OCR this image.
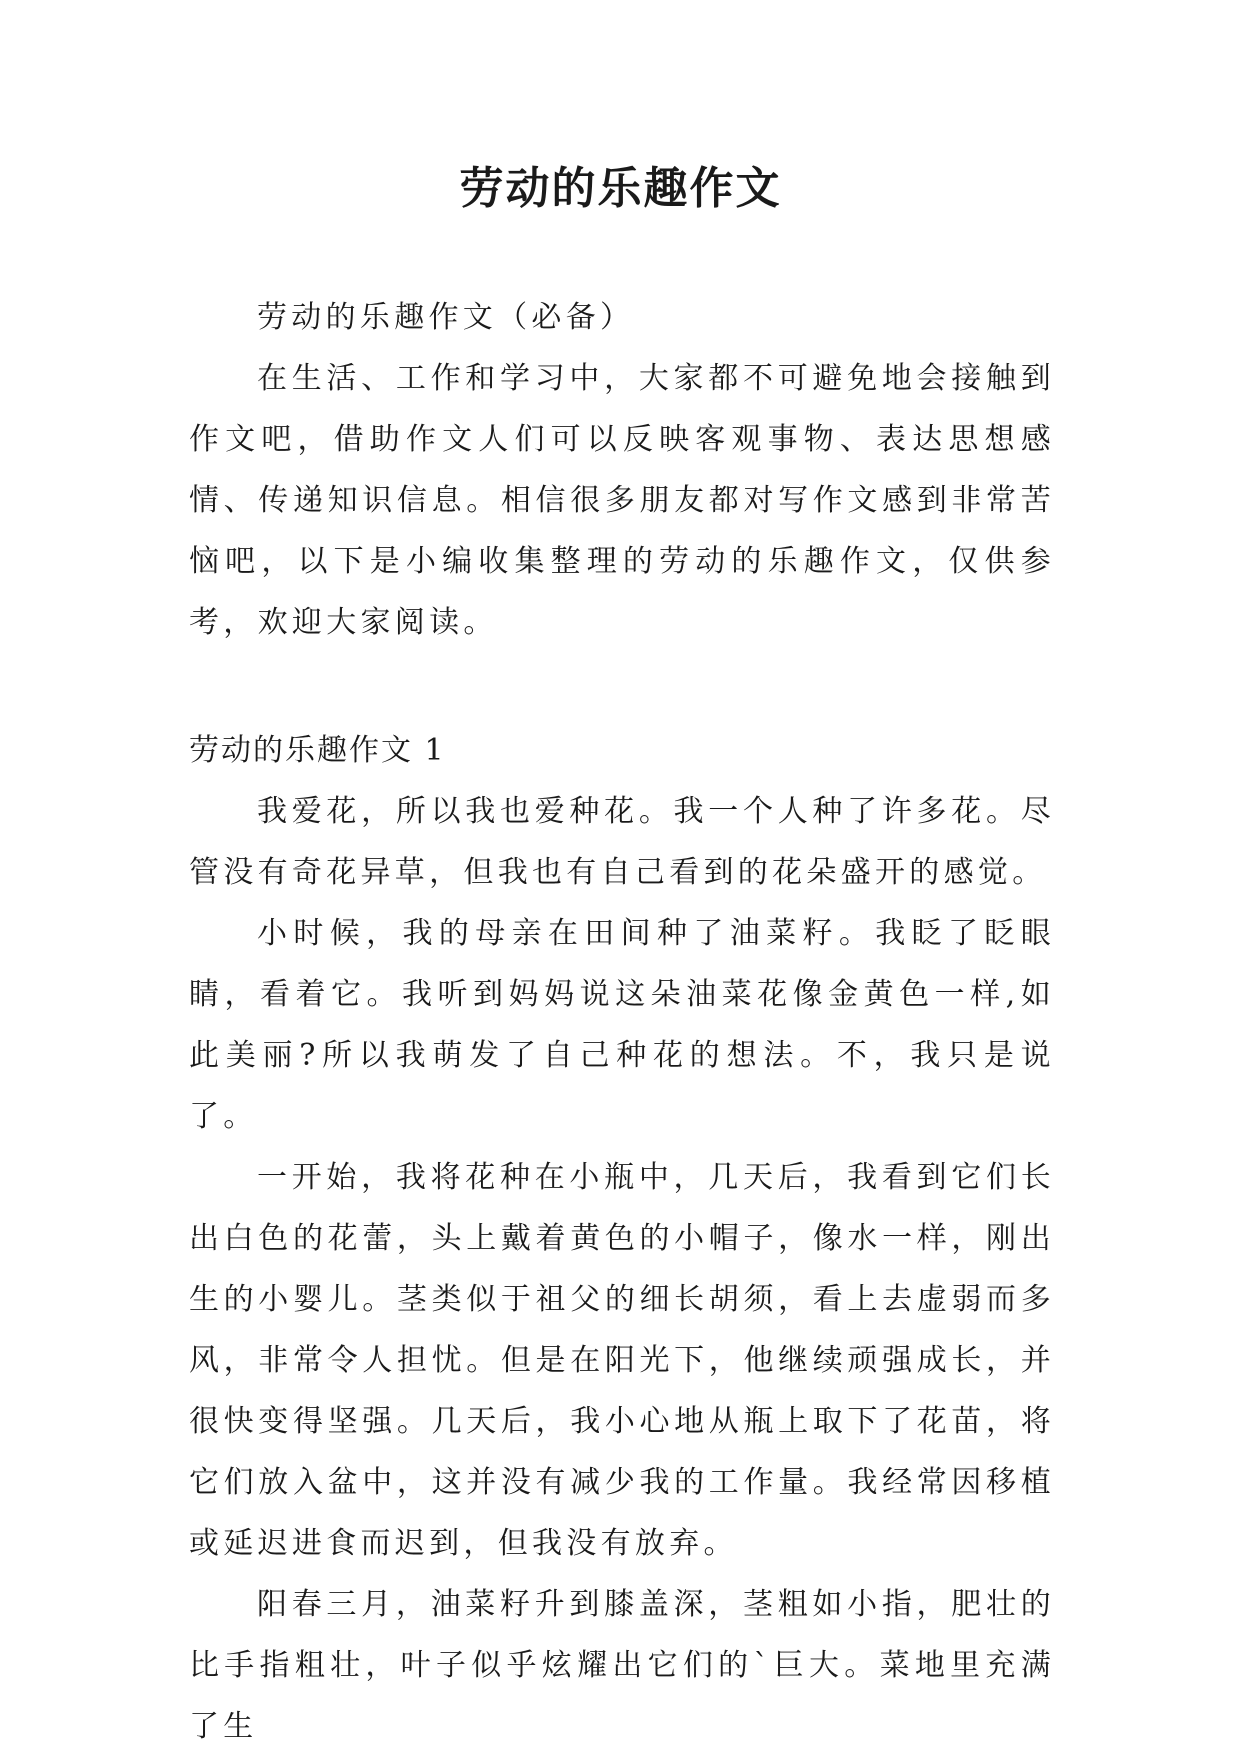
劳动的乐趣作文

劳动的乐趣作文（必备）

在生活、工作和学习中，大家都不可避免地会接触到作文吧，借助作文人们可以反映客观事物、表达思想感情、传递知识信息。相信很多朋友都对写作文感到非常苦恼吧，以下是小编收集整理的劳动的乐趣作文，仅供参考，欢迎大家阅读。

劳动的乐趣作文 1

我爱花，所以我也爱种花。我一个人种了许多花。尽管没有奇花异草，但我也有自己看到的花朵盛开的感觉。

小时候，我的母亲在田间种了油菜籽。我眨了眨眼睛，看着它。我听到妈妈说这朵油菜花像金黄色一样,如此美丽?所以我萌发了自己种花的想法。不，我只是说了。

一开始，我将花种在小瓶中，几天后，我看到它们长出白色的花蕾，头上戴着黄色的小帽子，像水一样，刚出生的小婴儿。茎类似于祖父的细长胡须，看上去虚弱而多风，非常令人担忧。但是在阳光下，他继续顽强成长，并很快变得坚强。几天后，我小心地从瓶上取下了花苗，将它们放入盆中，这并没有减少我的工作量。我经常因移植或延迟进食而迟到，但我没有放弃。

阳春三月，油菜籽升到膝盖深，茎粗如小指，肥壮的比手指粗壮，叶子似乎炫耀出它们的`巨大。菜地里充满了生
